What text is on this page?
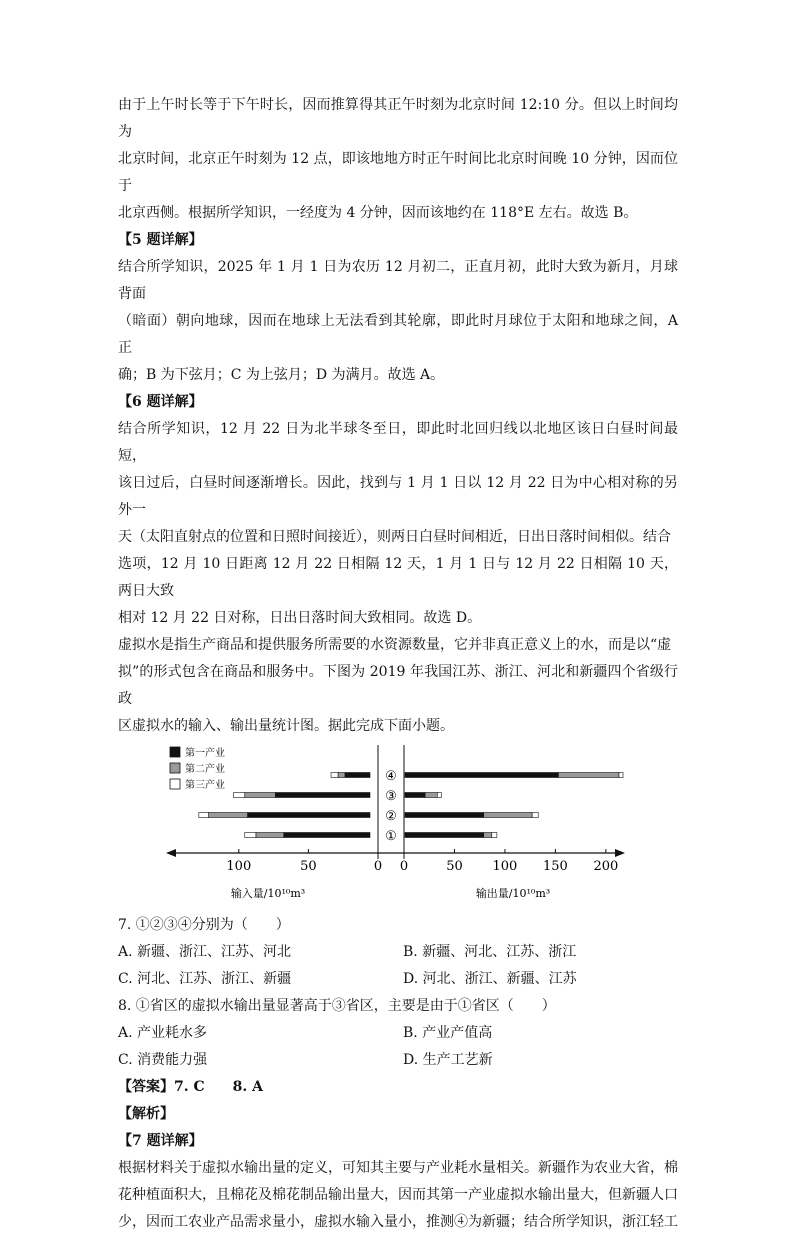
由于上午时长等于下午时长，因而推算得其正午时刻为北京时间 12:10 分。但以上时间均为

北京时间，北京正午时刻为 12 点，即该地地方时正午时间比北京时间晚 10 分钟，因而位于

北京西侧。根据所学知识，一经度为 4 分钟，因而该地约在 118°E 左右。故选 B。

【5 题详解】

结合所学知识，2025 年 1 月 1 日为农历 12 月初二，正直月初，此时大致为新月，月球背面

（暗面）朝向地球，因而在地球上无法看到其轮廓，即此时月球位于太阳和地球之间，A 正

确；B 为下弦月；C 为上弦月；D 为满月。故选 A。

【6 题详解】

结合所学知识，12 月 22 日为北半球冬至日，即此时北回归线以北地区该日白昼时间最短，

该日过后，白昼时间逐渐增长。因此，找到与 1 月 1 日以 12 月 22 日为中心相对称的另外一

天（太阳直射点的位置和日照时间接近），则两日白昼时间相近，日出日落时间相似。结合

选项，12 月 10 日距离 12 月 22 日相隔 12 天，1 月 1 日与 12 月 22 日相隔 10 天，两日大致

相对 12 月 22 日对称，日出日落时间大致相同。故选 D。

虚拟水是指生产商品和提供服务所需要的水资源数量，它并非真正意义上的水，而是以“虚

拟”的形式包含在商品和服务中。下图为 2019 年我国江苏、浙江、河北和新疆四个省级行政

区虚拟水的输入、输出量统计图。据此完成下面小题。

100	50	0 0	50 100 150 200
输入量/10¹⁰m³	输出量/10¹⁰m³
④
③
②
①
第一产业
第二产业
第三产业

7. ①②③④分别为（　　）

A. 新疆、浙江、江苏、河北	B. 新疆、河北、江苏、浙江
C. 河北、江苏、浙江、新疆	D. 河北、浙江、新疆、江苏

8. ①省区的虚拟水输出量显著高于③省区，主要是由于①省区（　　）

A. 产业耗水多	B. 产业产值高
C. 消费能力强	D. 生产工艺新

【答案】7. C　　8. A

【解析】

【7 题详解】

根据材料关于虚拟水输出量的定义，可知其主要与产业耗水量相关。新疆作为农业大省，棉

花种植面积大，且棉花及棉花制品输出量大，因而其第一产业虚拟水输出量大，但新疆人口

少，因而工农业产品需求量小，虚拟水输入量小，推测④为新疆；结合所学知识，浙江轻工
